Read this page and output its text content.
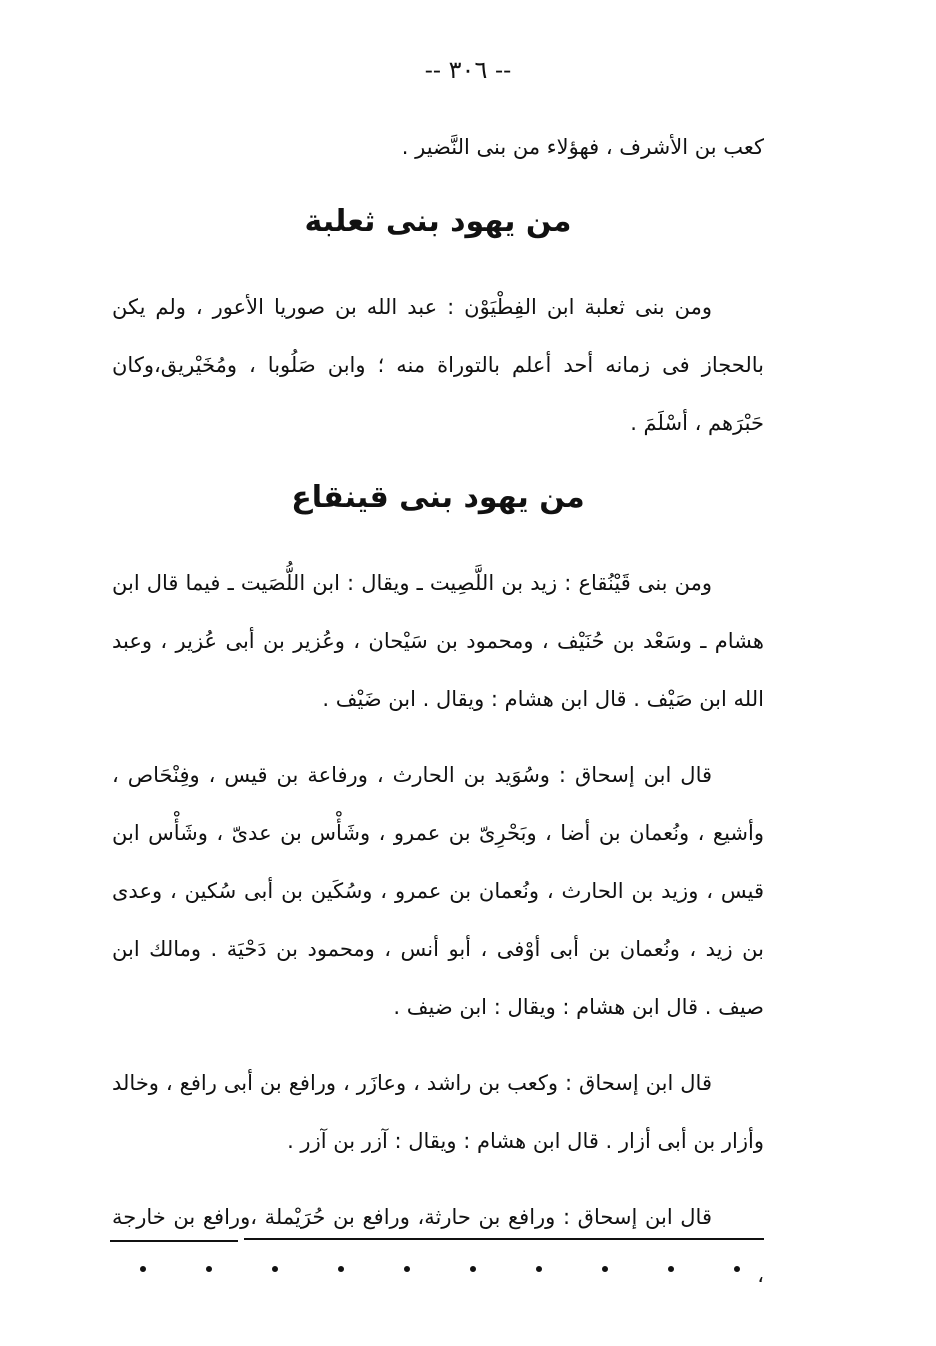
-- ٣٠٦ --

كعب بن الأشرف ، فهؤلاء من بنى النَّضير .

من يهود بنى ثعلبة

ومن بنى ثعلبة ابن الفِطْيَوْن : عبد الله بن صوريا الأعور ، ولم يكن بالحجاز فى زمانه أحد أعلم بالتوراة منه ؛ وابن صَلُوبا ، ومُخَيْريق،وكان حَبْرَهم ، أسْلَمَ .

من يهود بنى قينقاع

ومن بنى قَيْنُقاع : زيد بن اللَّصِيت ـ ويقال : ابن اللُّصَيت ـ فيما قال ابن هشام ـ وسَعْد بن حُنَيْف ، ومحمود بن سَيْحان ، وعُزير بن أبى عُزير ، وعبد الله ابن صَيْف . قال ابن هشام : ويقال . ابن ضَيْف .

قال ابن إسحاق : وسُوَيد بن الحارث ، ورفاعة بن قيس ، وفِنْحَاص ، وأشيع ، ونُعمان بن أضا ، وبَحْرِىّ بن عمرو ، وشَأْس بن عدىّ ، وشَأْس ابن قيس ، وزيد بن الحارث ، ونُعمان بن عمرو ، وسُكَين بن أبى سُكين ، وعدى بن زيد ، ونُعمان بن أبى أوْفى ، أبو أنس ، ومحمود بن دَحْيَة . ومالك ابن صيف . قال ابن هشام : ويقال : ابن ضيف .

قال ابن إسحاق : وكعب بن راشد ، وعازَر ، ورافع بن أبى رافع ، وخالد وأزار بن أبى أزار . قال ابن هشام : ويقال : آزر بن آزر .

قال ابن إسحاق : ورافع بن حارثة، ورافع بن حُرَيْملة ،ورافع بن خارجة ،
